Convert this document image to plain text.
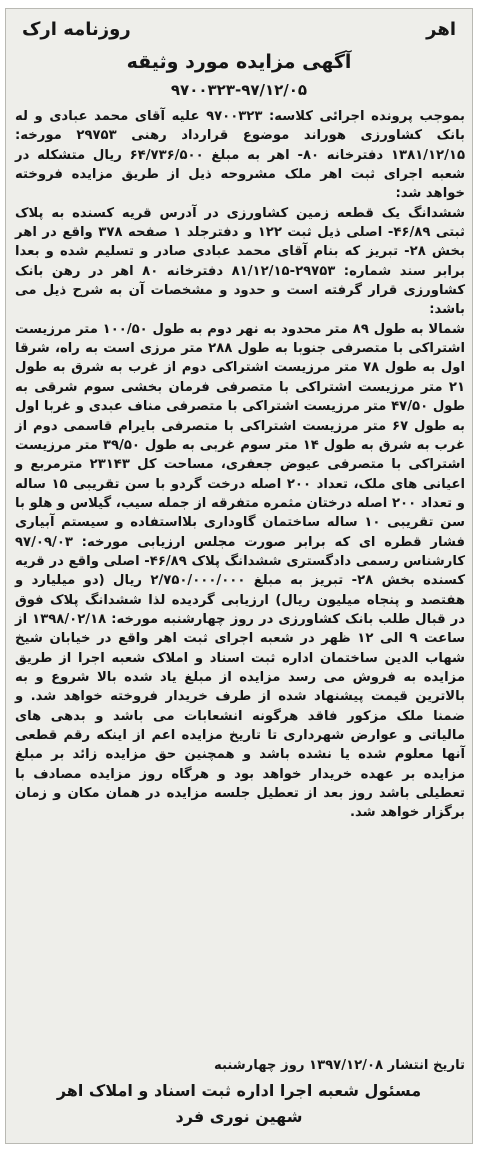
اهر
روزنامه ارک
آگهی مزایده مورد وثیقه
۹۷۰۰۳۲۳-۹۷/۱۲/۰۵

بموجب پرونده اجرائی کلاسه: ۹۷۰۰۳۲۳ علیه آقای محمد عبادی و له بانک کشاورزی هوراند موضوع قرارداد رهنی ۲۹۷۵۳ مورخه: ۱۳۸۱/۱۲/۱۵ دفترخانه ۸۰- اهر به مبلغ ۶۴/۷۳۶/۵۰۰ ریال متشکله در شعبه اجرای ثبت اهر ملک مشروحه ذیل از طریق مزایده فروخته خواهد شد:

ششدانگ یک قطعه زمین کشاورزی در آدرس قریه کسنده به پلاک ثبتی ۴۶/۸۹- اصلی ذیل ثبت ۱۲۲ و دفترجلد ۱ صفحه ۳۷۸ واقع در اهر بخش ۲۸- تبریز که بنام آقای محمد عبادی صادر و تسلیم شده و بعدا برابر سند شماره: ۲۹۷۵۳-۸۱/۱۲/۱۵ دفترخانه ۸۰ اهر در رهن بانک کشاورزی قرار گرفته است و حدود و مشخصات آن به شرح ذیل می باشد:

شمالا به طول ۸۹ متر محدود به نهر دوم به طول ۱۰۰/۵۰ متر مرزیست اشتراکی با متصرفی جنوبا به طول ۲۸۸ متر مرزی است به راه، شرقا اول به طول ۷۸ متر مرزیست اشتراکی دوم از غرب به شرق به طول ۲۱ متر مرزیست اشتراکی با متصرفی فرمان بخشی سوم شرقی به طول ۴۷/۵۰ متر مرزیست اشتراکی با متصرفی مناف عبدی و غربا اول به طول ۶۷ متر مرزیست اشتراکی با متصرفی بایرام قاسمی دوم از غرب به شرق به طول ۱۴ متر سوم غربی به طول ۳۹/۵۰ متر مرزیست اشتراکی با متصرفی عیوض جعفری، مساحت کل ۲۳۱۴۳ مترمربع و اعیانی های ملک، تعداد ۲۰۰ اصله درخت گردو با سن تقریبی ۱۵ ساله و تعداد ۲۰۰ اصله درختان مثمره متفرقه از جمله سیب، گیلاس و هلو با سن تقریبی ۱۰ ساله ساختمان گاوداری بلااستفاده و سیستم آبیاری فشار قطره ای که برابر صورت مجلس ارزیابی مورخه: ۹۷/۰۹/۰۳ کارشناس رسمی دادگستری ششدانگ پلاک ۴۶/۸۹- اصلی واقع در قریه کسنده بخش ۲۸- تبریز به مبلغ ۲/۷۵۰/۰۰۰/۰۰۰ ریال (دو میلیارد و هفتصد و پنجاه میلیون ریال) ارزیابی گردیده لذا ششدانگ پلاک فوق در قبال طلب بانک کشاورزی در روز چهارشنبه مورخه: ۱۳۹۸/۰۲/۱۸ از ساعت ۹ الی ۱۲ ظهر در شعبه اجرای ثبت اهر واقع در خیابان شیخ شهاب الدین ساختمان اداره ثبت اسناد و املاک شعبه اجرا از طریق مزایده به فروش می رسد مزایده از مبلغ یاد شده بالا شروع و به بالاترین قیمت پیشنهاد شده از طرف خریدار فروخته خواهد شد. و ضمنا ملک مزکور فاقد هرگونه انشعابات می باشد و بدهی های مالیاتی و عوارض شهرداری تا تاریخ مزایده اعم از اینکه رقم قطعی آنها معلوم شده یا نشده باشد و همچنین حق مزایده زائد بر مبلغ مزایده بر عهده خریدار خواهد بود و هرگاه روز مزایده مصادف با تعطیلی باشد روز بعد از تعطیل جلسه مزایده در همان مکان و زمان برگزار خواهد شد.

تاریخ انتشار ۱۳۹۷/۱۲/۰۸ روز چهارشنبه
مسئول شعبه اجرا اداره ثبت اسناد و املاک اهر
شهین نوری فرد
